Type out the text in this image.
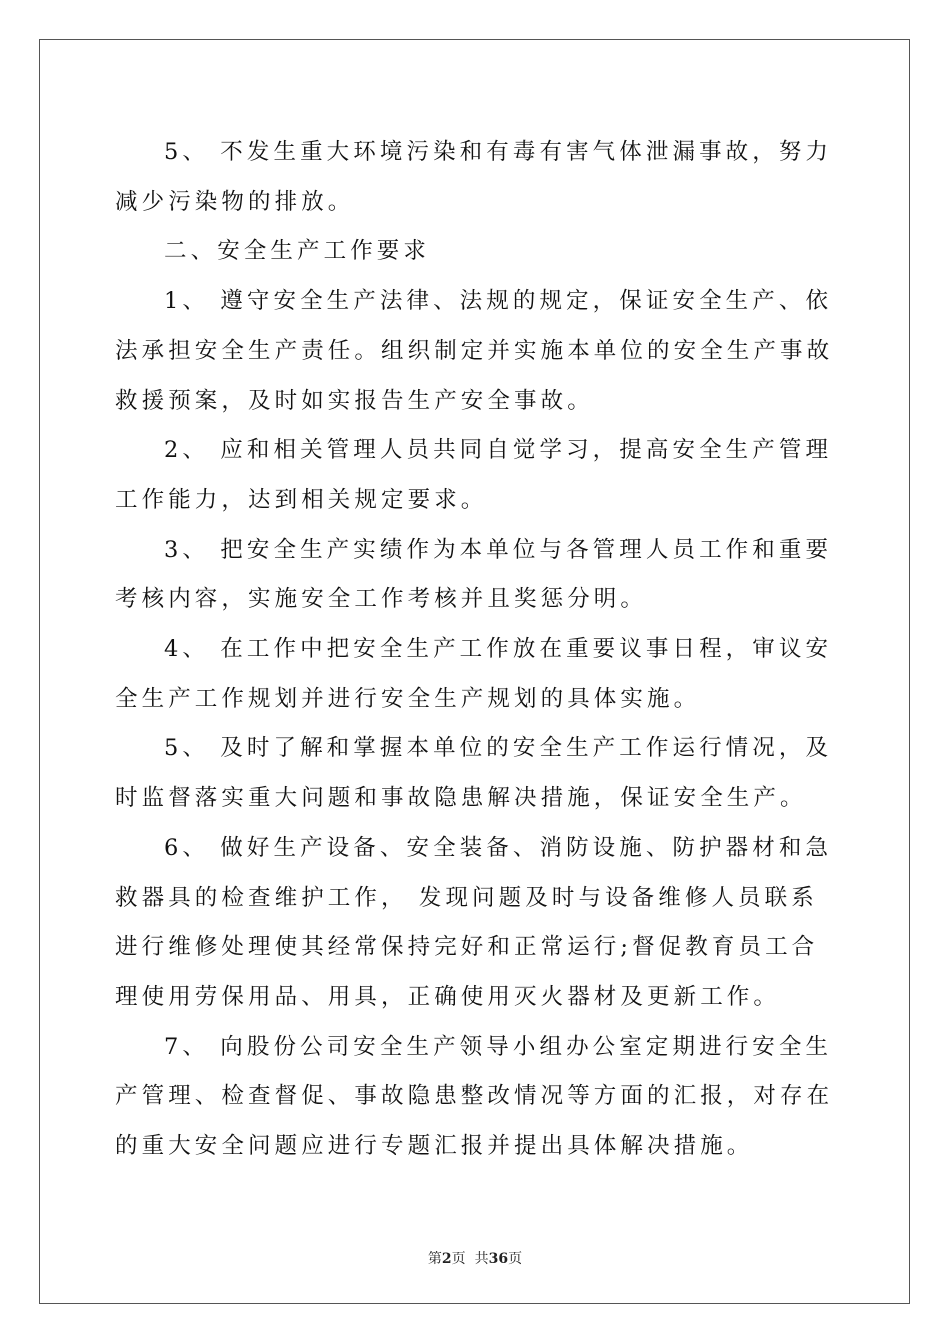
5、 不发生重大环境污染和有毒有害气体泄漏事故，努力减少污染物的排放。

二、安全生产工作要求

1、 遵守安全生产法律、法规的规定，保证安全生产、依法承担安全生产责任。组织制定并实施本单位的安全生产事故救援预案，及时如实报告生产安全事故。

2、 应和相关管理人员共同自觉学习，提高安全生产管理工作能力，达到相关规定要求。

3、 把安全生产实绩作为本单位与各管理人员工作和重要考核内容，实施安全工作考核并且奖惩分明。

4、 在工作中把安全生产工作放在重要议事日程，审议安全生产工作规划并进行安全生产规划的具体实施。

5、 及时了解和掌握本单位的安全生产工作运行情况，及时监督落实重大问题和事故隐患解决措施，保证安全生产。

6、 做好生产设备、安全装备、消防设施、防护器材和急救器具的检查维护工作， 发现问题及时与设备维修人员联系进行维修处理使其经常保持完好和正常运行;督促教育员工合理使用劳保用品、用具，正确使用灭火器材及更新工作。

7、 向股份公司安全生产领导小组办公室定期进行安全生产管理、检查督促、事故隐患整改情况等方面的汇报，对存在的重大安全问题应进行专题汇报并提出具体解决措施。

第2页  共36页
